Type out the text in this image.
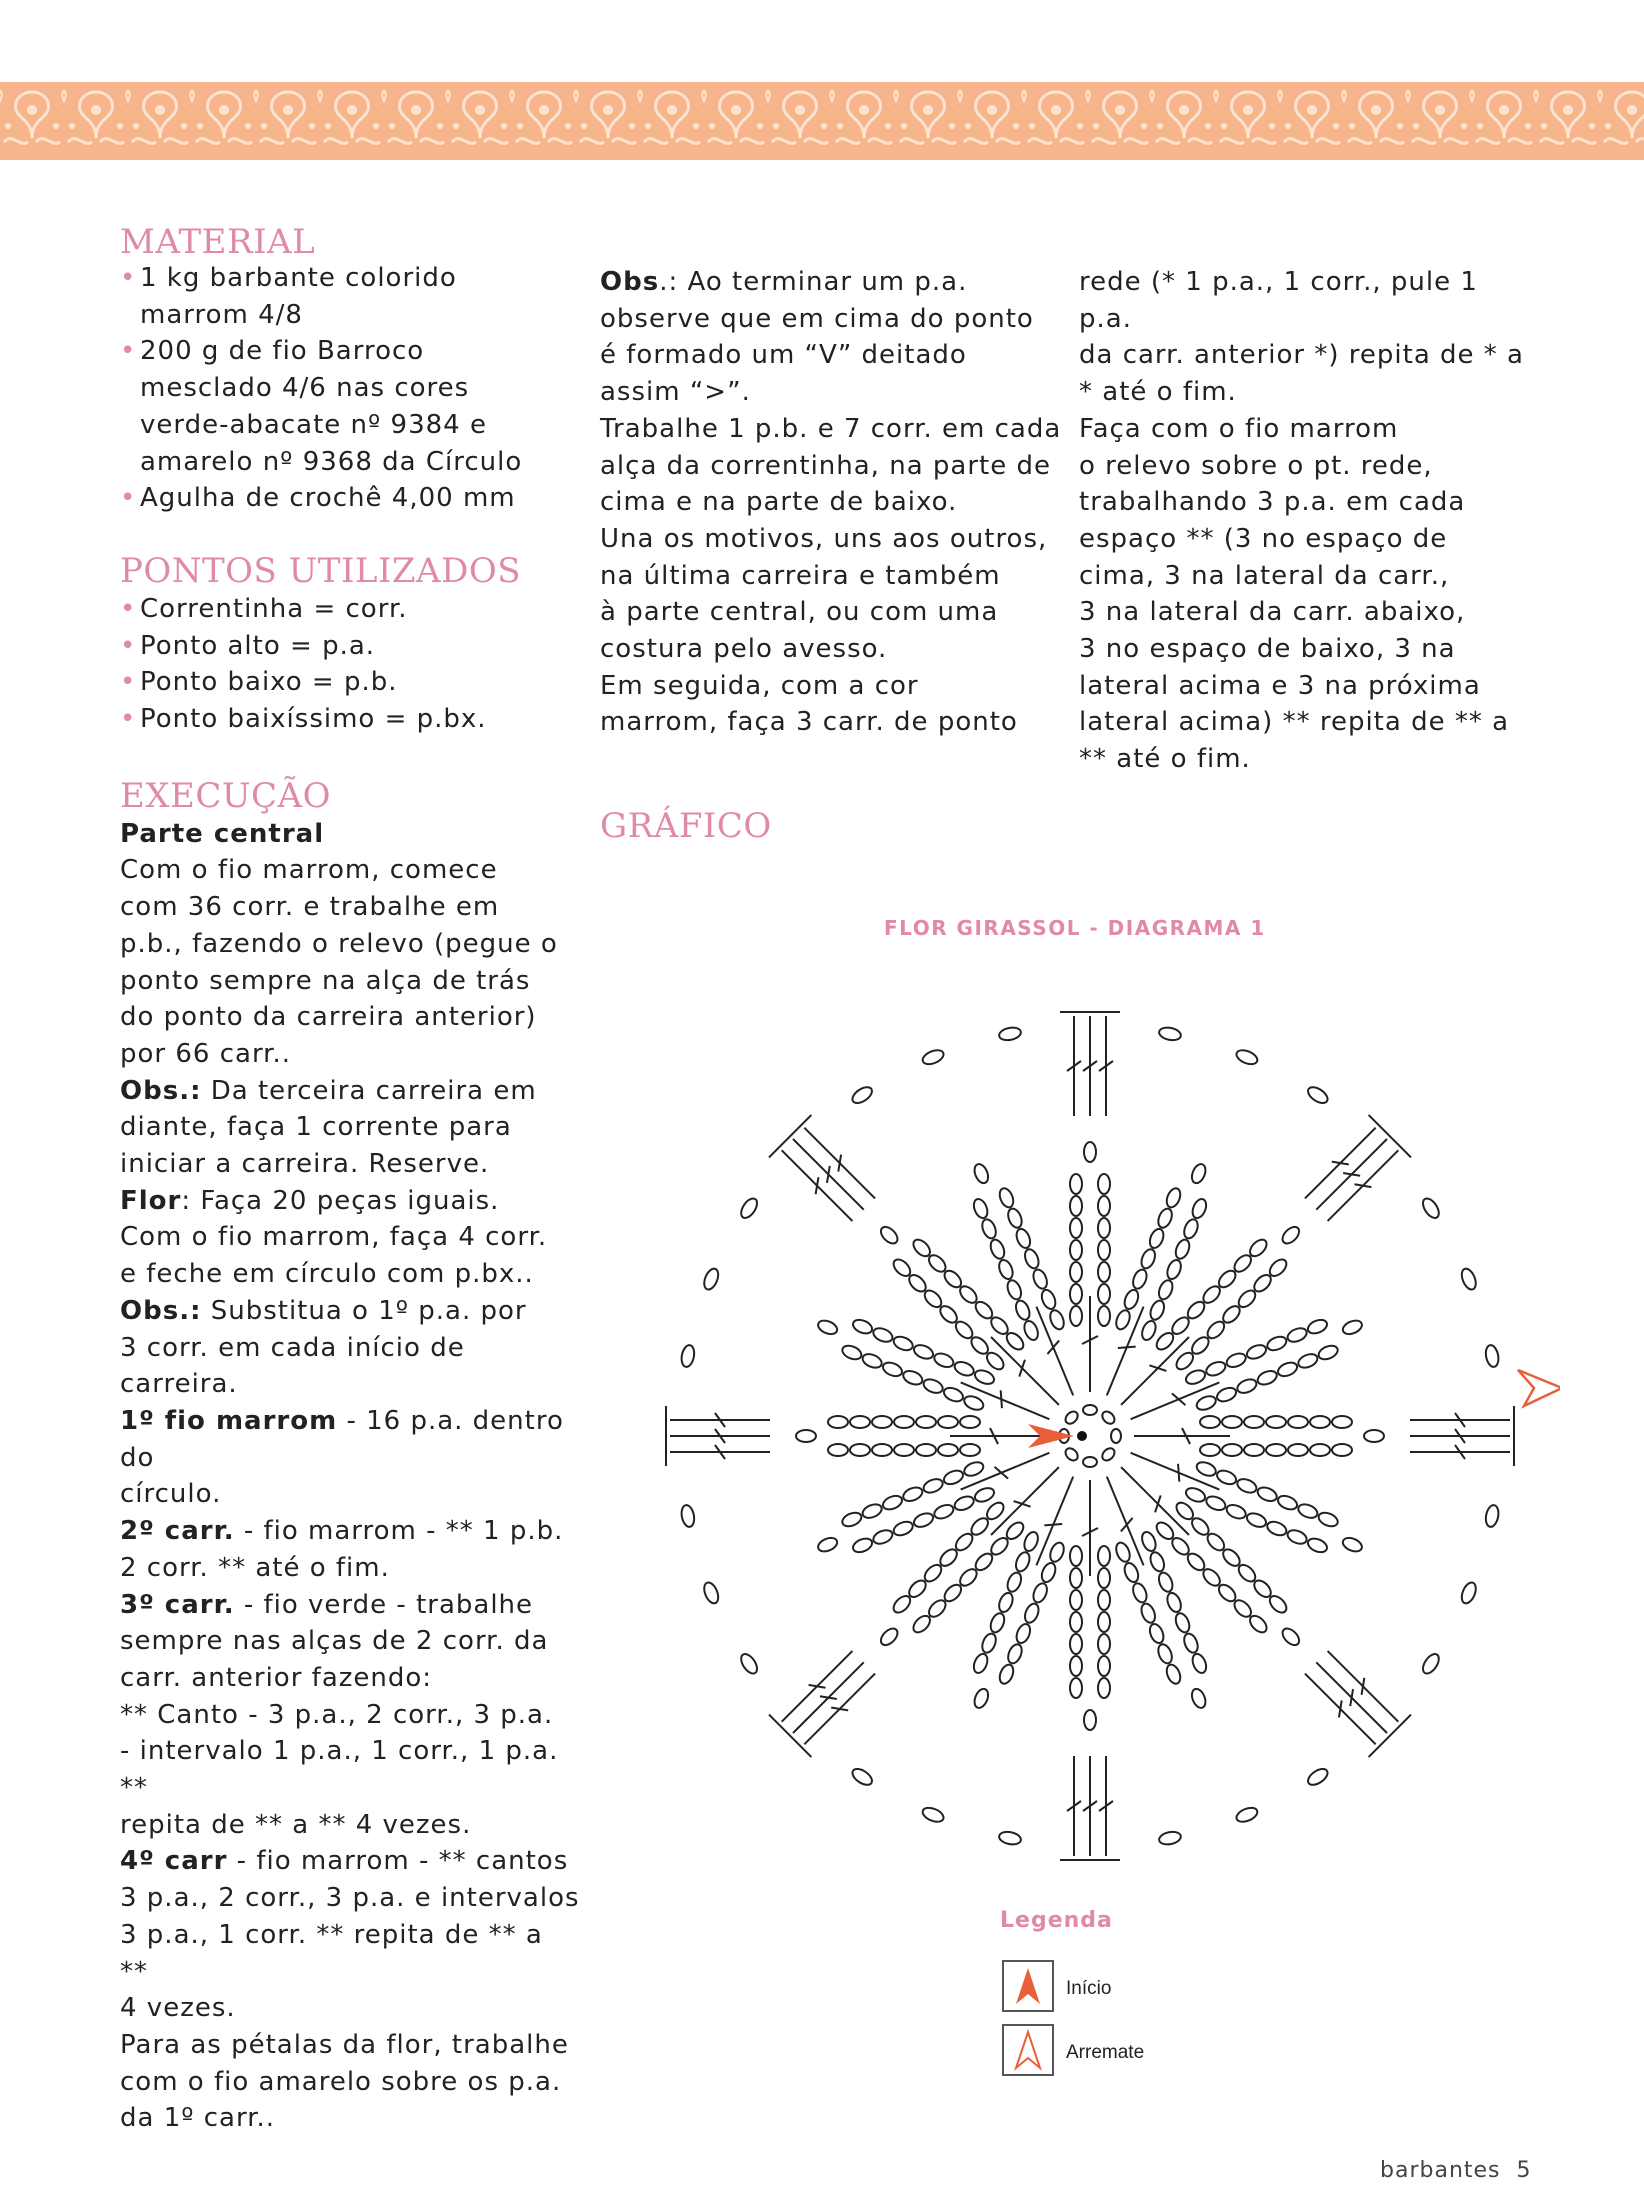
MATERIAL
• 1 kg barbante colorido

marrom 4/8

• 200 g de fio Barroco

mesclado 4/6 nas cores

verde-abacate nº 9384 e

amarelo nº 9368 da Círculo

• Agulha de crochê 4,00 mm

PONTOS UTILIZADOS
• Correntinha = corr.

• Ponto alto = p.a.

• Ponto baixo = p.b.

• Ponto baixíssimo = p.bx.

EXECUÇÃO

Parte central

Com o fio marrom, comece

com 36 corr. e trabalhe em

p.b., fazendo o relevo (pegue o

ponto sempre na alça de trás

do ponto da carreira anterior)

por 66 carr..

Obs.: Da terceira carreira em

diante, faça 1 corrente para

iniciar a carreira. Reserve.

Flor: Faça 20 peças iguais.

Com o fio marrom, faça 4 corr.

e feche em círculo com p.bx..

Obs.: Substitua o 1º p.a. por

3 corr. em cada início de

carreira.

1º fio marrom - 16 p.a. dentro do

círculo.

2º carr. - fio marrom - ** 1 p.b.

2 corr. ** até o fim.

3º carr. - fio verde - trabalhe

sempre nas alças de 2 corr. da

carr. anterior fazendo:

** Canto - 3 p.a., 2 corr., 3 p.a.

- intervalo 1 p.a., 1 corr., 1 p.a. **

repita de ** a ** 4 vezes.

4º carr - fio marrom - ** cantos

3 p.a., 2 corr., 3 p.a. e intervalos

3 p.a., 1 corr. ** repita de ** a **

4 vezes.

Para as pétalas da flor, trabalhe

com o fio amarelo sobre os p.a.

da 1º carr..

Obs.: Ao terminar um p.a.

observe que em cima do ponto

é formado um “V” deitado

assim “>”.

Trabalhe 1 p.b. e 7 corr. em cada

alça da correntinha, na parte de

cima e na parte de baixo.

Una os motivos, uns aos outros,

na última carreira e também

à parte central, ou com uma

costura pelo avesso.

Em seguida, com a cor

marrom, faça 3 carr. de ponto

rede (* 1 p.a., 1 corr., pule 1 p.a.

da carr. anterior *) repita de * a

* até o fim.

Faça com o fio marrom

o relevo sobre o pt. rede,

trabalhando 3 p.a. em cada

espaço ** (3 no espaço de

cima, 3 na lateral da carr.,

3 na lateral da carr. abaixo,

3 no espaço de baixo, 3 na

lateral acima e 3 na próxima

lateral acima) ** repita de ** a

** até o fim.

GRÁFICO
FLOR GIRASSOL - DIAGRAMA 1
Legenda
Início
Arremate
barbantes 5
